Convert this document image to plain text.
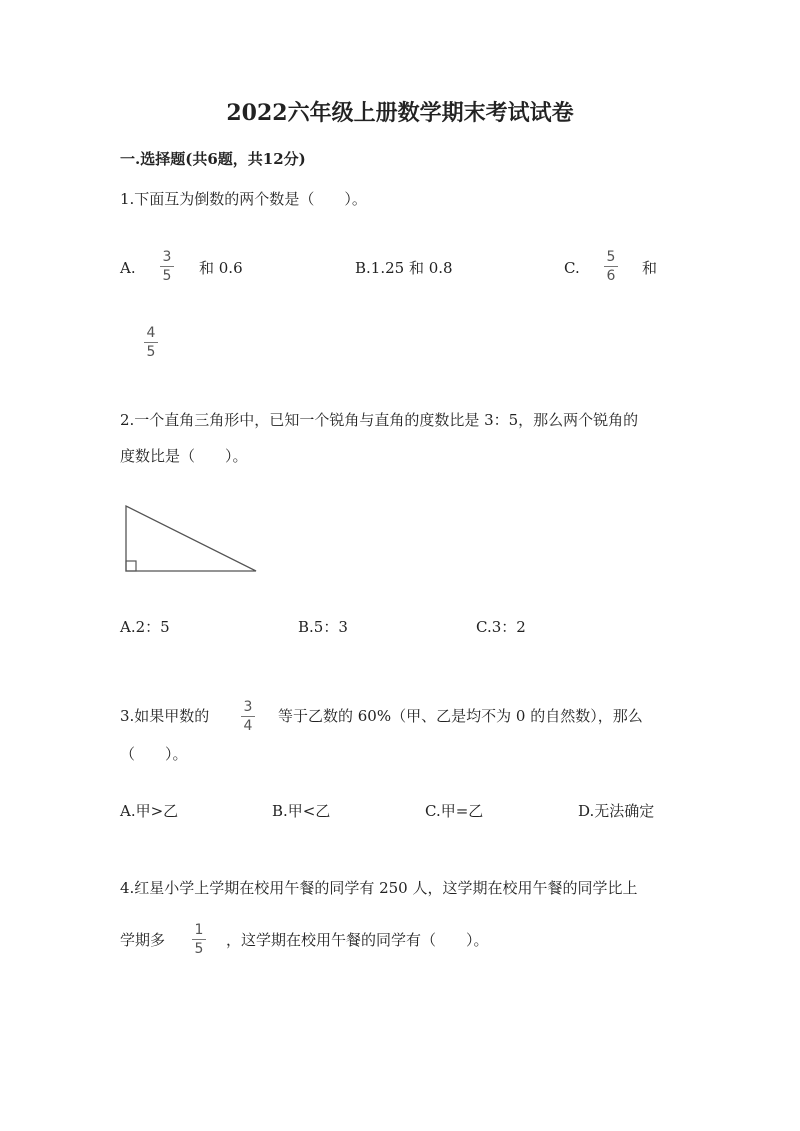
2022六年级上册数学期末考试试卷
一.选择题(共6题，共12分)
1.下面互为倒数的两个数是（　　）。
A.
3
5	和 0.6	B.1.25 和 0.8	C.
5
6	和
4
5
2.一个直角三角形中，已知一个锐角与直角的度数比是 3：5，那么两个锐角的
度数比是（　　）。
A.2：5	B.5：3	C.3：2
3.如果甲数的	3
4
等于乙数的 60%（甲、乙是均不为 0 的自然数），那么
（　　）。
A.甲>乙	B.甲<乙	C.甲=乙	D.无法确定
4.红星小学上学期在校用午餐的同学有 250 人，这学期在校用午餐的同学比上
学期多
1
5	，这学期在校用午餐的同学有（　　）。
